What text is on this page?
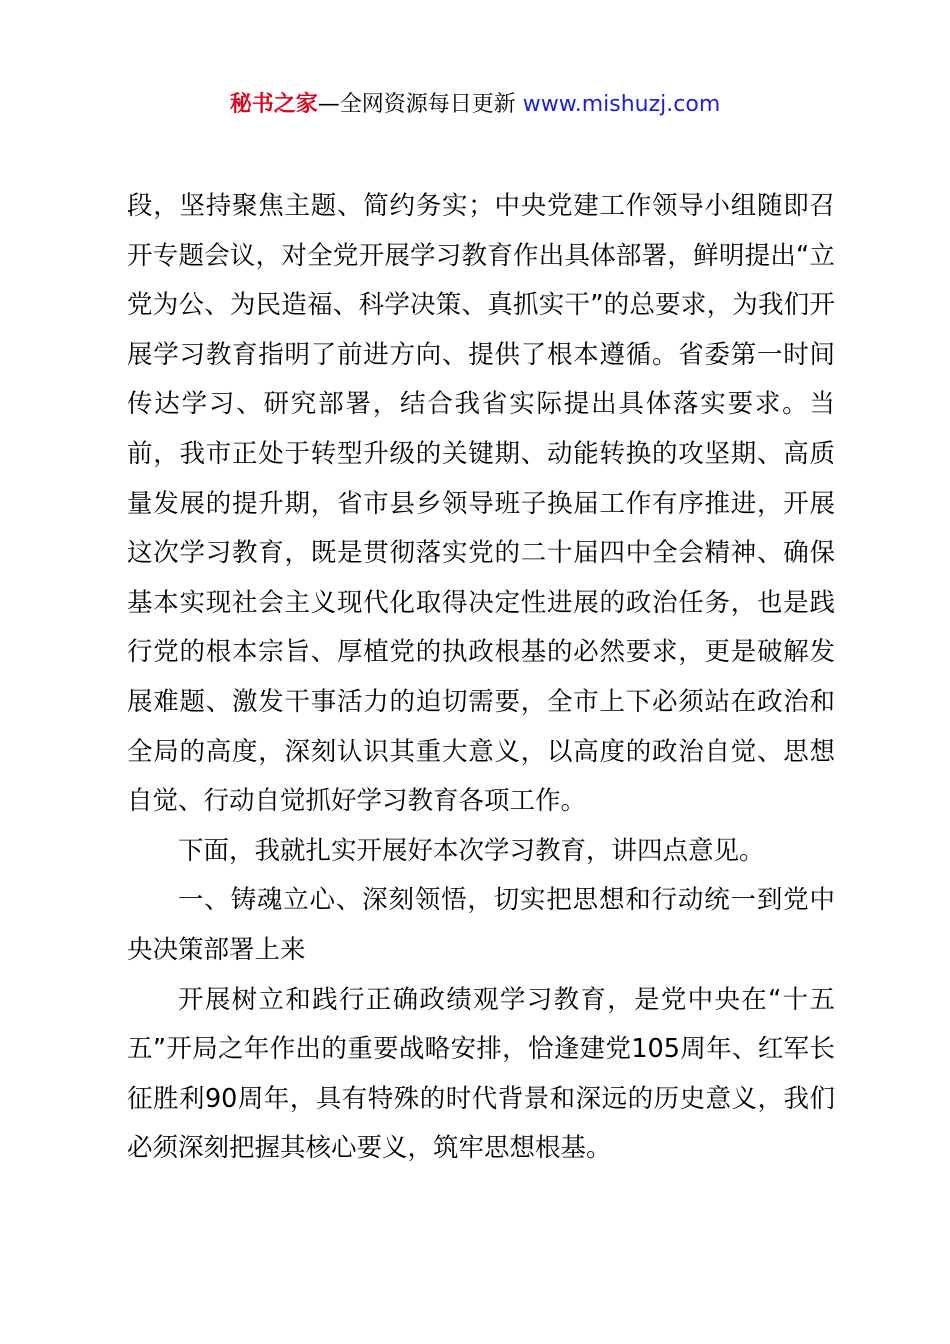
秘书之家—全网资源每日更新 www.mishuzj.com

段，坚持聚焦主题、简约务实；中央党建工作领导小组随即召开专题会议，对全党开展学习教育作出具体部署，鲜明提出“立党为公、为民造福、科学决策、真抓实干”的总要求，为我们开展学习教育指明了前进方向、提供了根本遵循。省委第一时间传达学习、研究部署，结合我省实际提出具体落实要求。当前，我市正处于转型升级的关键期、动能转换的攻坚期、高质量发展的提升期，省市县乡领导班子换届工作有序推进，开展这次学习教育，既是贯彻落实党的二十届四中全会精神、确保基本实现社会主义现代化取得决定性进展的政治任务，也是践行党的根本宗旨、厚植党的执政根基的必然要求，更是破解发展难题、激发干事活力的迫切需要，全市上下必须站在政治和全局的高度，深刻认识其重大意义，以高度的政治自觉、思想自觉、行动自觉抓好学习教育各项工作。

下面，我就扎实开展好本次学习教育，讲四点意见。

一、铸魂立心、深刻领悟，切实把思想和行动统一到党中央决策部署上来

开展树立和践行正确政绩观学习教育，是党中央在“十五五”开局之年作出的重要战略安排，恰逢建党105周年、红军长征胜利90周年，具有特殊的时代背景和深远的历史意义，我们必须深刻把握其核心要义，筑牢思想根基。
